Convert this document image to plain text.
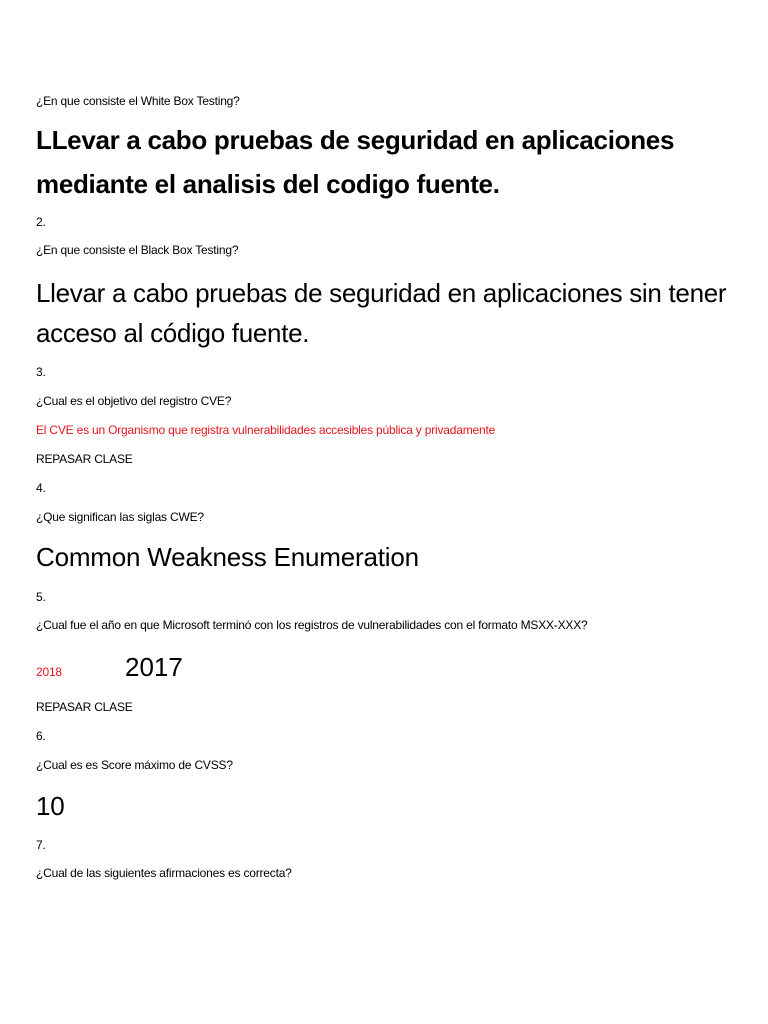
¿En que consiste el White Box Testing?
LLevar a cabo pruebas de seguridad en aplicaciones mediante el analisis del codigo fuente.
2.
¿En que consiste el Black Box Testing?
Llevar a cabo pruebas de seguridad en aplicaciones sin tener acceso al código fuente.
3.
¿Cual es el objetivo del registro CVE?
El CVE es un Organismo que registra vulnerabilidades accesibles pública y privadamente
REPASAR CLASE
4.
¿Que significan las siglas CWE?
Common Weakness Enumeration
5.
¿Cual fue el año en que Microsoft terminó con los registros de vulnerabilidades con el formato MSXX-XXX?
2018 2017
REPASAR CLASE
6.
¿Cual es es Score máximo de CVSS?
10
7.
¿Cual de las siguientes afirmaciones es correcta?
